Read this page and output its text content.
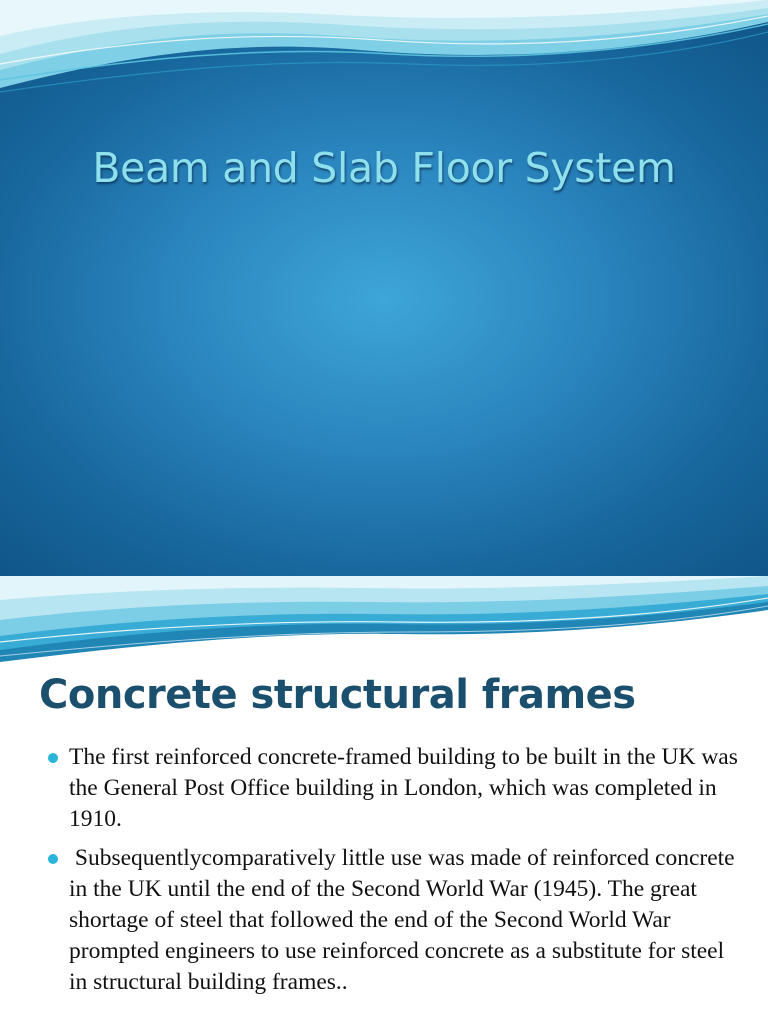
Beam and Slab Floor System
Concrete structural frames
The first reinforced concrete-framed building to be built in the UK was the General Post Office building in London, which was completed in 1910.
Subsequentlycomparatively little use was made of reinforced concrete in the UK until the end of the Second World War (1945). The great shortage of steel that followed the end of the Second World War prompted engineers to use reinforced concrete as a substitute for steel in structural building frames..
